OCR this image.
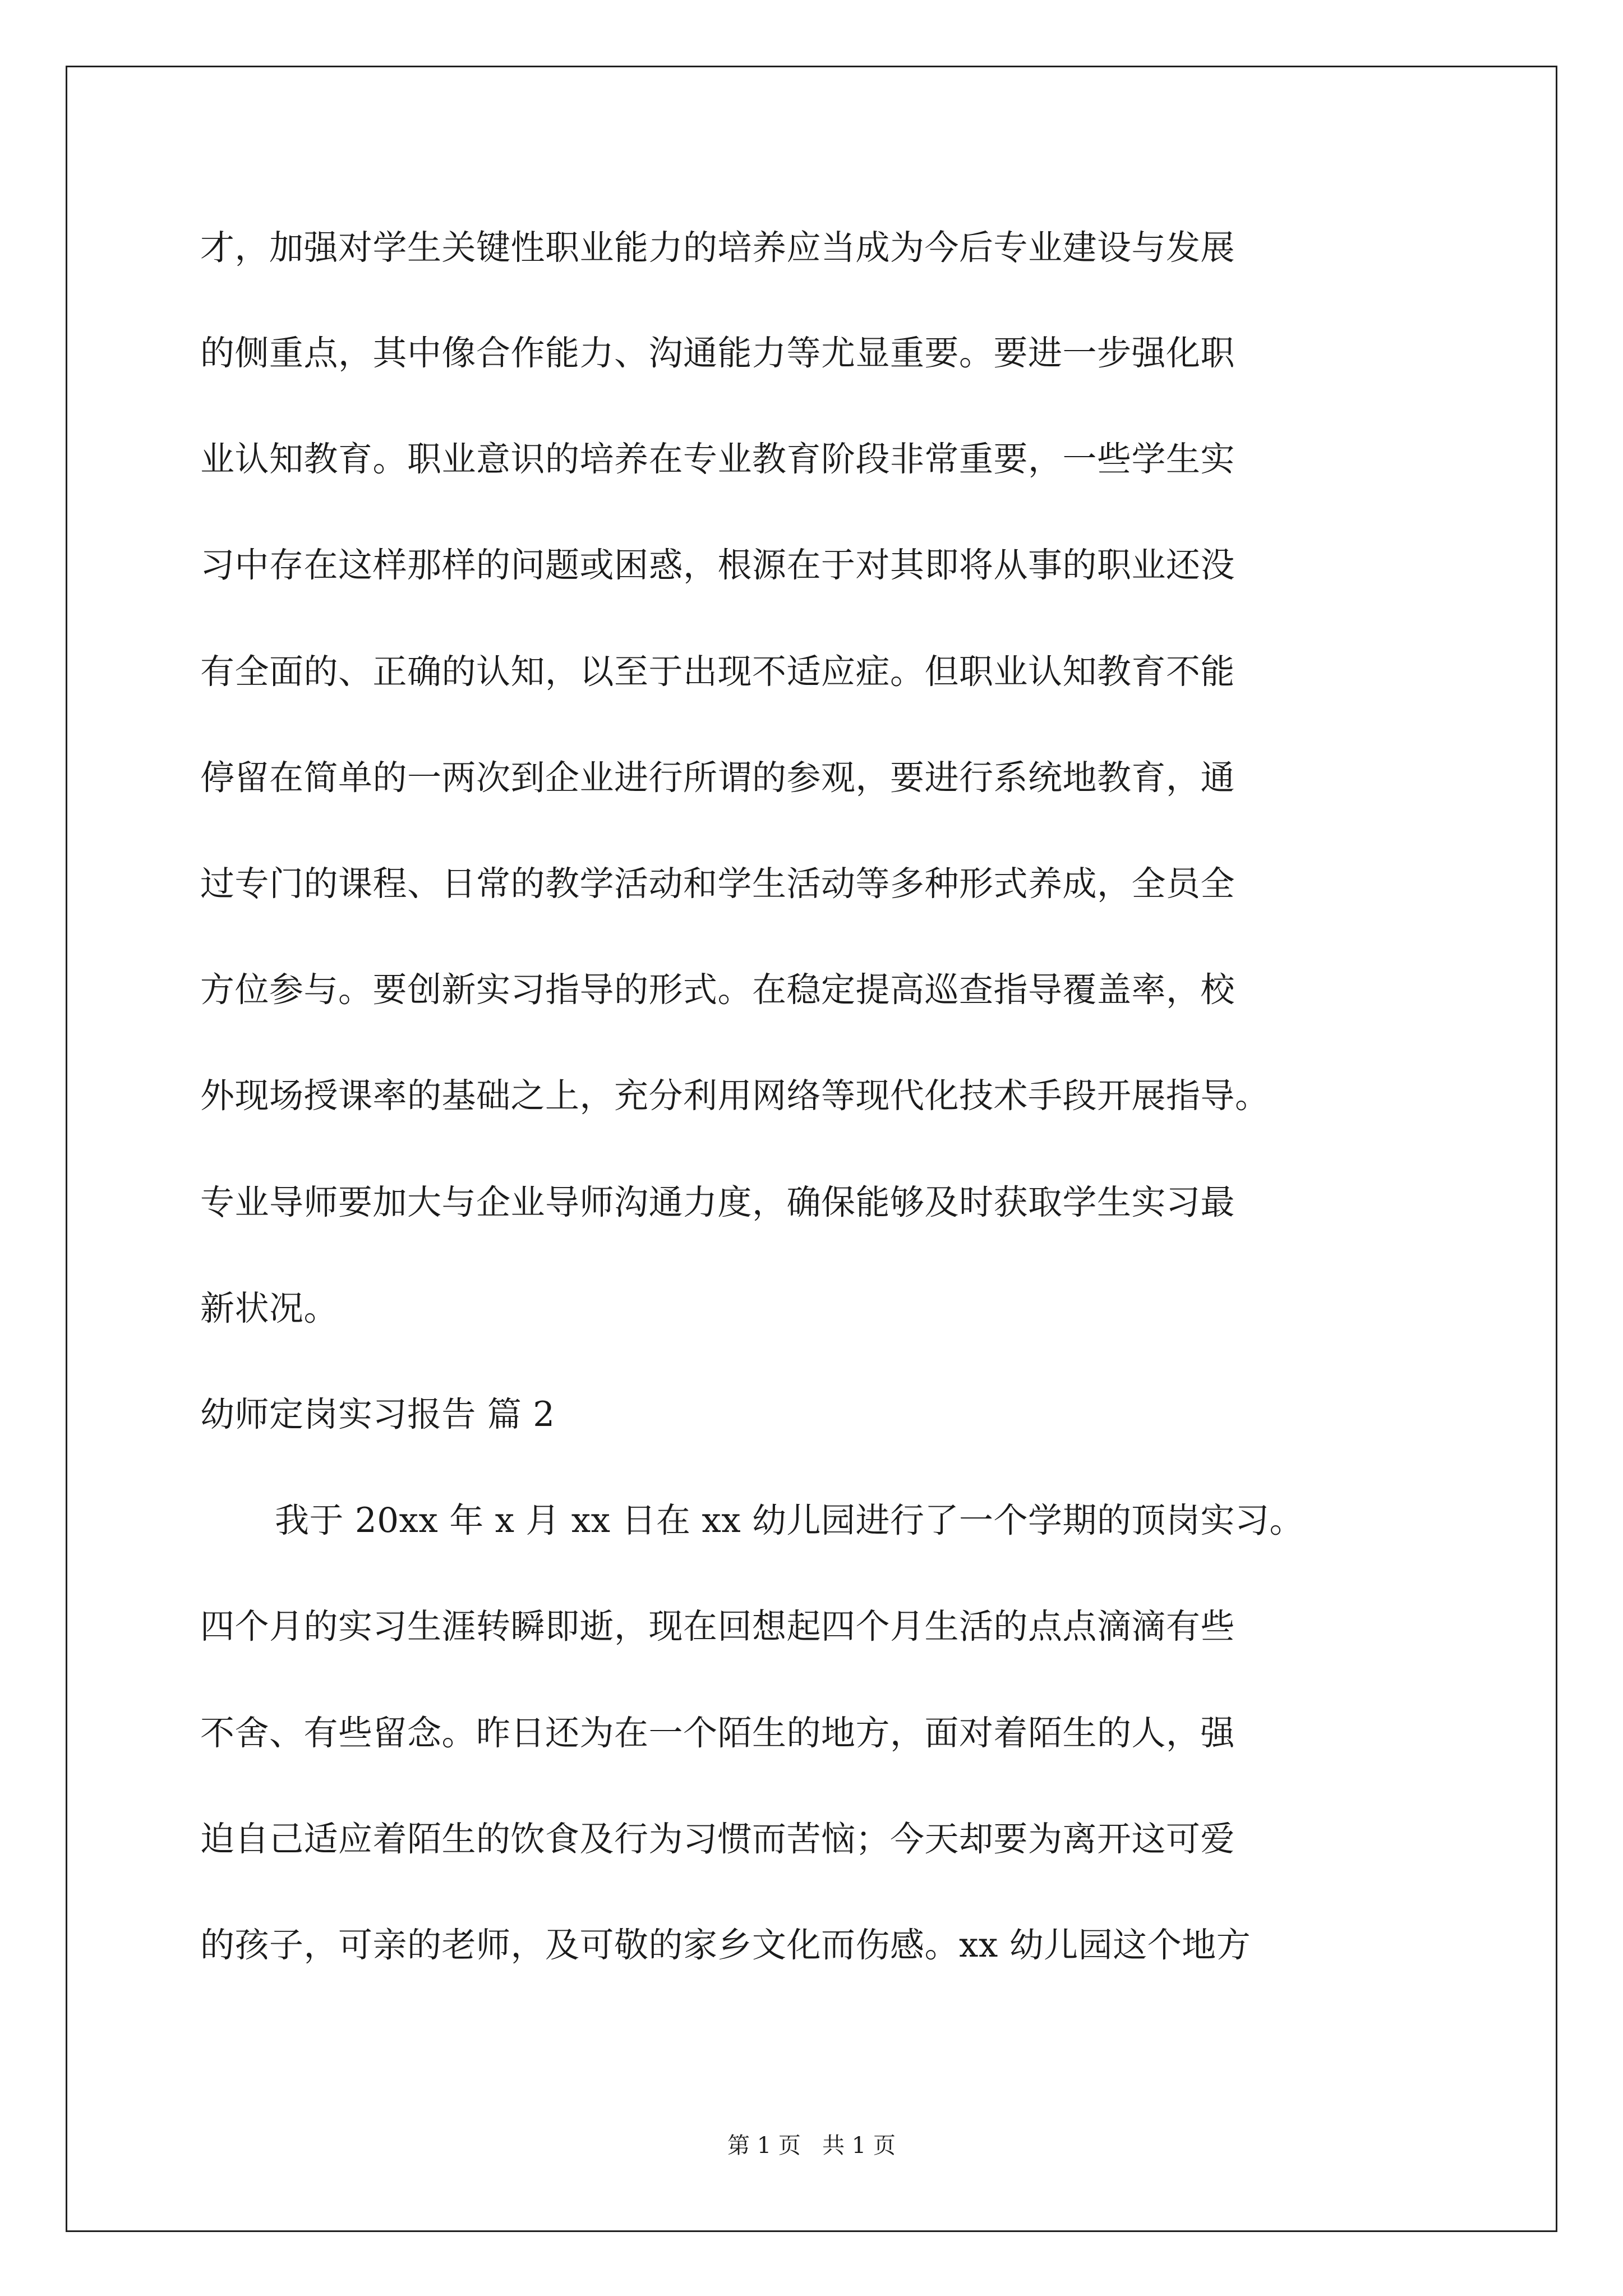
才，加强对学生关键性职业能力的培养应当成为今后专业建设与发展
的侧重点，其中像合作能力、沟通能力等尤显重要。要进一步强化职
业认知教育。职业意识的培养在专业教育阶段非常重要，一些学生实
习中存在这样那样的问题或困惑，根源在于对其即将从事的职业还没
有全面的、正确的认知，以至于出现不适应症。但职业认知教育不能
停留在简单的一两次到企业进行所谓的参观，要进行系统地教育，通
过专门的课程、日常的教学活动和学生活动等多种形式养成，全员全
方位参与。要创新实习指导的形式。在稳定提高巡查指导覆盖率，校
外现场授课率的基础之上，充分利用网络等现代化技术手段开展指导。
专业导师要加大与企业导师沟通力度，确保能够及时获取学生实习最
新状况。
幼师定岗实习报告 篇 2
我于 20xx 年 x 月 xx 日在 xx 幼儿园进行了一个学期的顶岗实习。
四个月的实习生涯转瞬即逝，现在回想起四个月生活的点点滴滴有些
不舍、有些留念。昨日还为在一个陌生的地方，面对着陌生的人，强
迫自己适应着陌生的饮食及行为习惯而苦恼；今天却要为离开这可爱
的孩子，可亲的老师，及可敬的家乡文化而伤感。xx 幼儿园这个地方
第 1 页   共 1 页
